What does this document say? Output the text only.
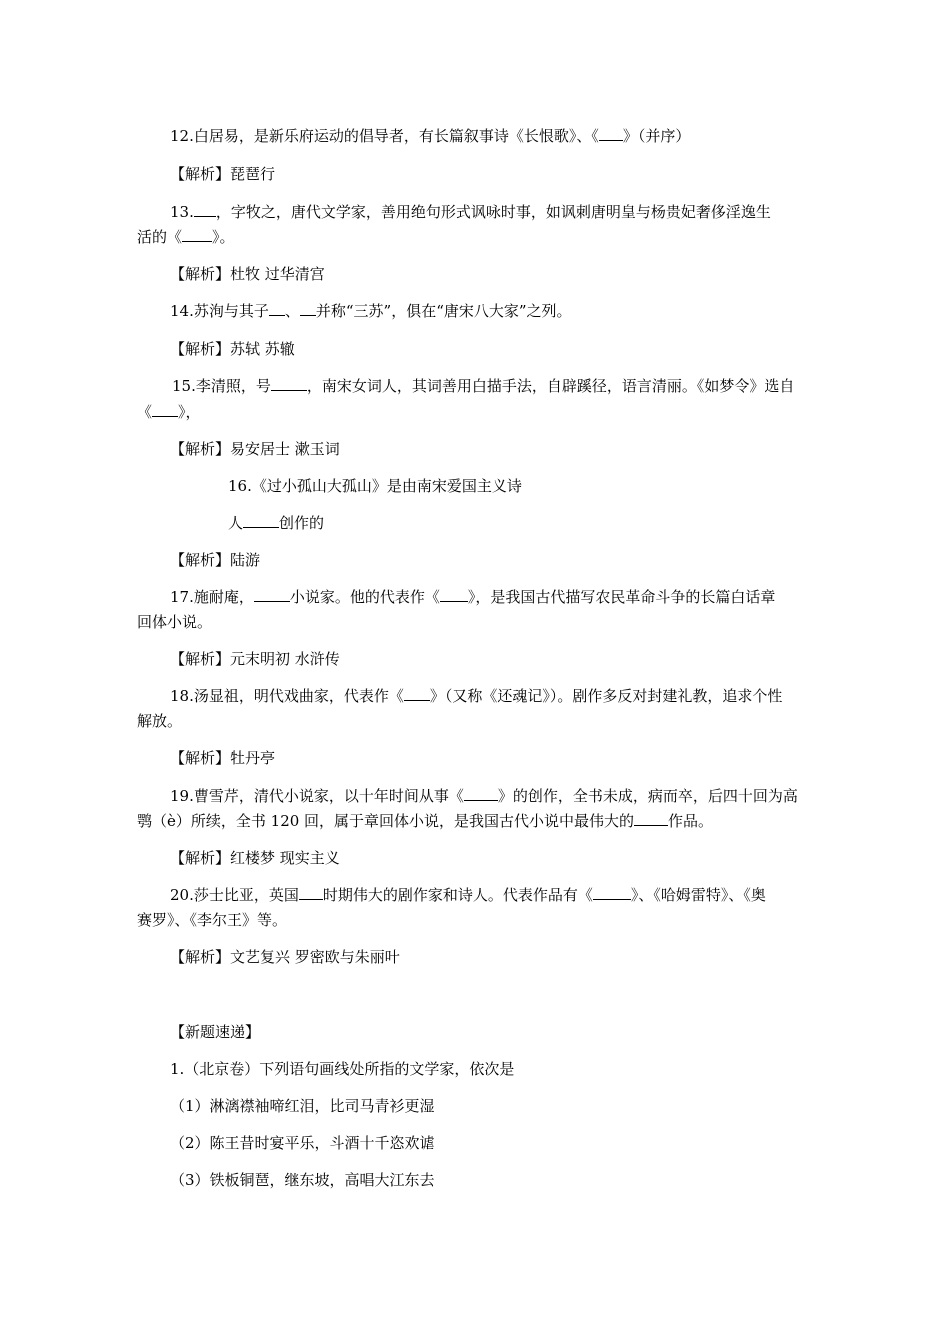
12.白居易，是新乐府运动的倡导者，有长篇叙事诗《长恨歌》、《 》（并序）
【解析】琵琶行
13. ，字牧之，唐代文学家，善用绝句形式讽咏时事，如讽刺唐明皇与杨贵妃奢侈淫逸生
活的《 》。
【解析】杜牧 过华清宫
14.苏洵与其子 、 并称“三苏”，俱在“唐宋八大家”之列。
【解析】苏轼 苏辙
15.李清照，号 ，南宋女词人，其词善用白描手法，自辟蹊径，语言清丽。《如梦令》选自
《 》，
【解析】易安居士 漱玉词
16.《过小孤山大孤山》是由南宋爱国主义诗
人 创作的
【解析】陆游
17.施耐庵， 小说家。他的代表作《 》，是我国古代描写农民革命斗争的长篇白话章
回体小说。
【解析】元末明初 水浒传
18.汤显祖，明代戏曲家，代表作《 》（又称《还魂记》）。剧作多反对封建礼教，追求个性
解放。
【解析】牡丹亭
19.曹雪芹，清代小说家，以十年时间从事《 》的创作，全书未成，病而卒，后四十回为高
鹗（è）所续，全书 120 回，属于章回体小说，是我国古代小说中最伟大的 作品。
【解析】红楼梦 现实主义
20.莎士比亚，英国 时期伟大的剧作家和诗人。代表作品有《	》、《哈姆雷特》、《奥
赛罗》、《李尔王》等。
【解析】文艺复兴 罗密欧与朱丽叶
【新题速递】
1.（北京卷）下列语句画线处所指的文学家，依次是
（1）淋漓襟袖啼红泪，比司马青衫更湿
（2）陈王昔时宴平乐，斗酒十千恣欢谑
（3）铁板铜琶，继东坡，高唱大江东去
